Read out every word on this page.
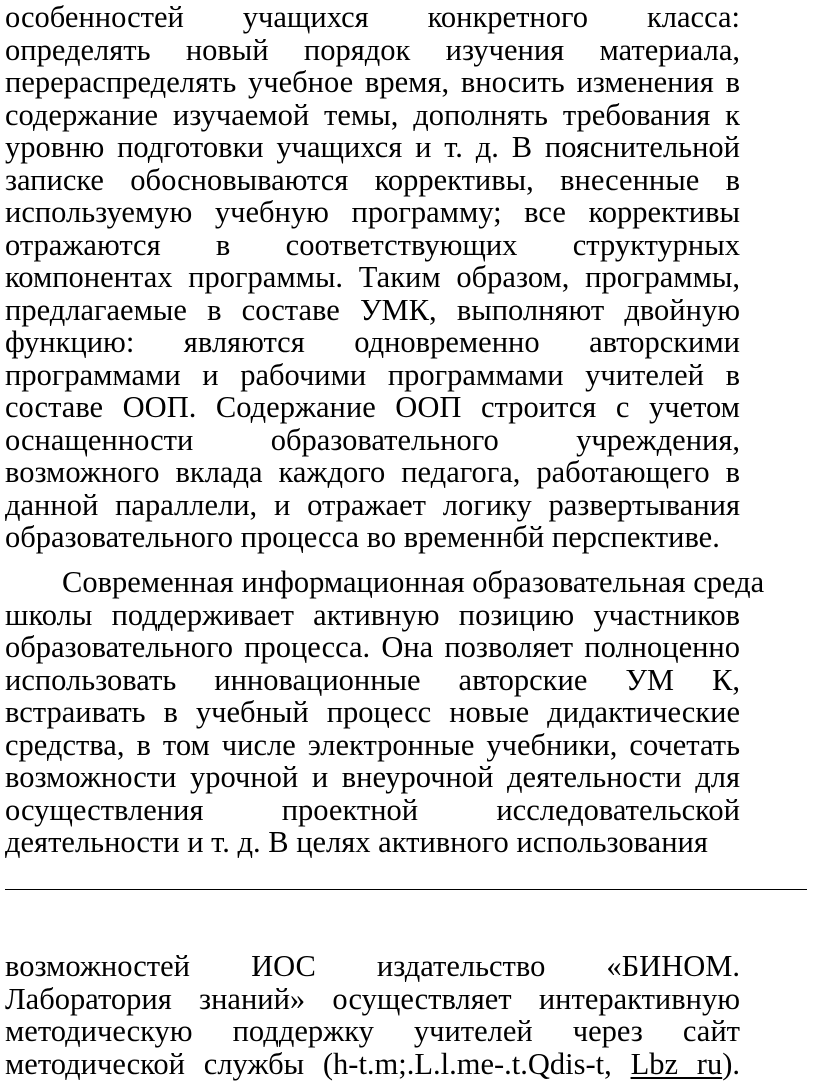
особенностей учащихся конкретного класса:
определять новый порядок изучения материала,
перераспределять учебное время, вносить изменения в
содержание изучаемой темы, дополнять требования к
уровню подготовки учащихся и т. д. В пояснительной
записке обосновываются коррективы, внесенные в
используемую учебную программу; все коррективы
отражаются в соответствующих структурных
компонентах программы. Таким образом, программы,
предлагаемые в составе УМК, выполняют двойную
функцию: являются одновременно авторскими
программами и рабочими программами учителей в
составе ООП. Содержание ООП строится с учетом
оснащенности образовательного учреждения,
возможного вклада каждого педагога, работающего в
данной параллели, и отражает логику развертывания
образовательного процесса во временнбй перспективе.
Современная информационная образовательная среда
школы поддерживает активную позицию участников
образовательного процесса. Она позволяет полноценно
использовать инновационные авторские УМ К,
встраивать в учебный процесс новые дидактические
средства, в том числе электронные учебники, сочетать
возможности урочной и внеурочной деятельности для
осуществления проектной исследовательской
деятельности и т. д. В целях активного использования
возможностей ИОС издательство «БИНОМ.
Лаборатория знаний» осуществляет интерактивную
методическую поддержку учителей через сайт
методической службы (h-t.m;.L.l.me-.t.Qdis-t, Lbz ru).
